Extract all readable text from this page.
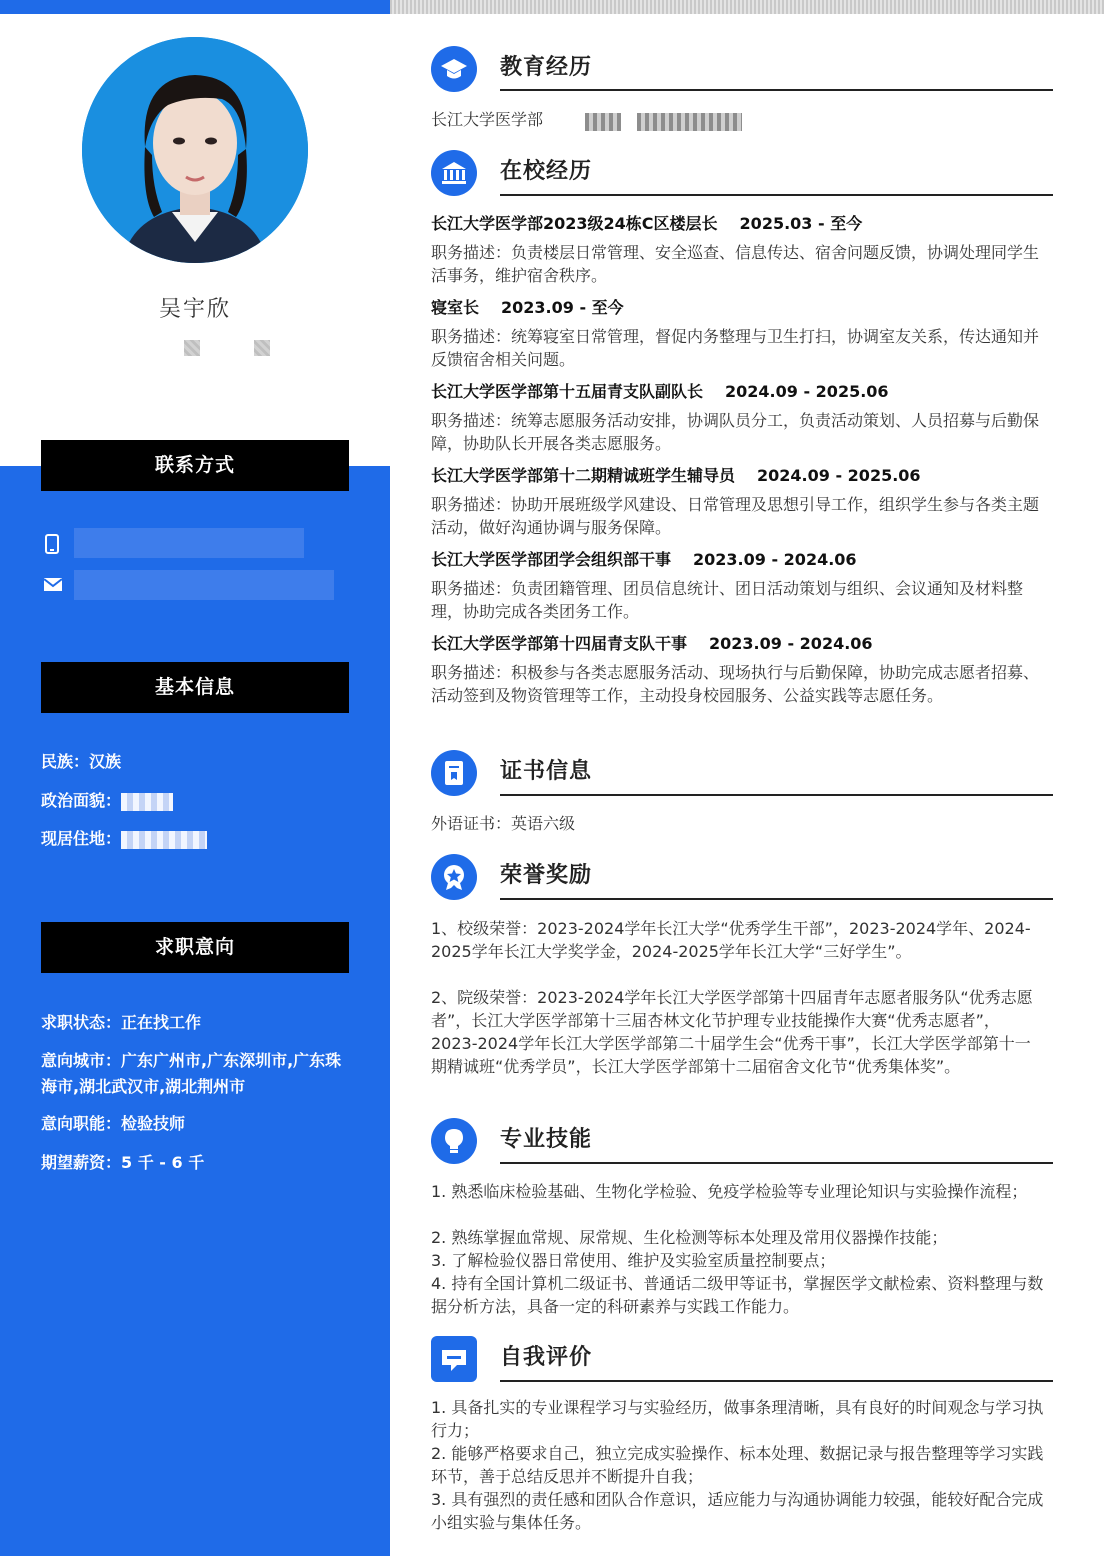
吴宇欣
联系方式
基本信息
民族：汉族
政治面貌：
现居住地：
求职意向
求职状态：正在找工作
意向城市：广东广州市,广东深圳市,广东珠海市,湖北武汉市,湖北荆州市
意向职能：检验技师
期望薪资：5 千 - 6 千
教育经历
长江大学医学部
在校经历
长江大学医学部2023级24栋C区楼层长 2025.03 - 至今
职务描述：负责楼层日常管理、安全巡查、信息传达、宿舍问题反馈，协调处理同学生活事务，维护宿舍秩序。
寝室长 2023.09 - 至今
职务描述：统筹寝室日常管理，督促内务整理与卫生打扫，协调室友关系，传达通知并反馈宿舍相关问题。
长江大学医学部第十五届青支队副队长 2024.09 - 2025.06
职务描述：统筹志愿服务活动安排，协调队员分工，负责活动策划、人员招募与后勤保障，协助队长开展各类志愿服务。
长江大学医学部第十二期精诚班学生辅导员 2024.09 - 2025.06
职务描述：协助开展班级学风建设、日常管理及思想引导工作，组织学生参与各类主题活动，做好沟通协调与服务保障。
长江大学医学部团学会组织部干事 2023.09 - 2024.06
职务描述：负责团籍管理、团员信息统计、团日活动策划与组织、会议通知及材料整理，协助完成各类团务工作。
长江大学医学部第十四届青支队干事 2023.09 - 2024.06
职务描述：积极参与各类志愿服务活动、现场执行与后勤保障，协助完成志愿者招募、活动签到及物资管理等工作，主动投身校园服务、公益实践等志愿任务。
证书信息
外语证书：英语六级
荣誉奖励
1、校级荣誉：2023-2024学年长江大学“优秀学生干部”，2023-2024学年、2024-2025学年长江大学奖学金，2024-2025学年长江大学“三好学生”。
2、院级荣誉：2023-2024学年长江大学医学部第十四届青年志愿者服务队“优秀志愿者”，长江大学医学部第十三届杏林文化节护理专业技能操作大赛“优秀志愿者”，2023-2024学年长江大学医学部第二十届学生会“优秀干事”，长江大学医学部第十一期精诚班“优秀学员”，长江大学医学部第十二届宿舍文化节“优秀集体奖”。
专业技能
1. 熟悉临床检验基础、生物化学检验、免疫学检验等专业理论知识与实验操作流程；
2. 熟练掌握血常规、尿常规、生化检测等标本处理及常用仪器操作技能；
3. 了解检验仪器日常使用、维护及实验室质量控制要点；
4. 持有全国计算机二级证书、普通话二级甲等证书，掌握医学文献检索、资料整理与数据分析方法，具备一定的科研素养与实践工作能力。
自我评价
1. 具备扎实的专业课程学习与实验经历，做事条理清晰，具有良好的时间观念与学习执行力；
2. 能够严格要求自己，独立完成实验操作、标本处理、数据记录与报告整理等学习实践环节，善于总结反思并不断提升自我；
3. 具有强烈的责任感和团队合作意识，适应能力与沟通协调能力较强，能较好配合完成小组实验与集体任务。
